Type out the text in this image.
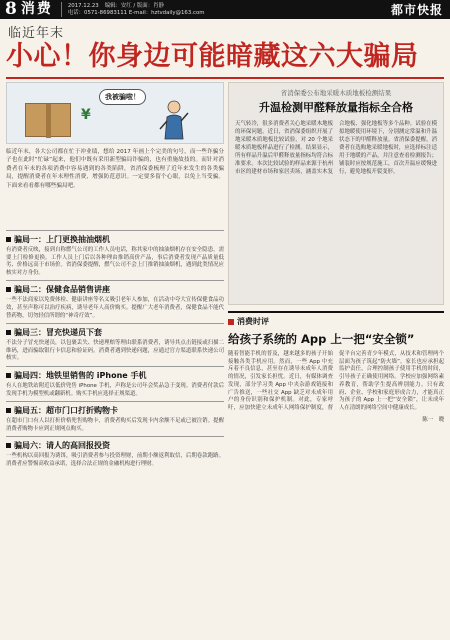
8 消费	2017.12.23 编辑：安红 / 版面：肖静
电话：0571-86983111 E-mail：hztvdaily@163.com	都市快报
临近年末
小心！你身边可能暗藏这六大骗局
¥
我被骗啦！

临近年末，各大公司都在忙于冲业绩，想给 2017 年画上个完美的句号，而一些诈骗分子也在此时“忙碌”起来，他们中既有采用新型骗局诈骗的，也有重施故技的。而针对消费者在年末的各项消费中容易遇到的各类陷阱，省消保委梳理了近年来发生的各类骗局，提醒消费者在年末理性消费，增强防范意识。一定要多留个心眼，以免上当受骗。下面来看看都有哪些骗局吧。

省消保委公布地采暖木质地板检测结果
升温检测甲醛释放量指标全合格
天气转冷，很多消费者关心地采暖木地板的环保问题。近日，省消保委组织开展了地采暖木质地板比较试验，对 20 个地采暖木质地板样品进行了检测。结果显示，所有样品升温后甲醛释放量指标均符合标准要求。本次比较试验的样品来源于杭州市区的建材市场和家居卖场，涵盖实木复合地板、强化地板等多个品种。试验在模拟地暖使用环境下，分别测定常温和升温状态下的甲醛释放量。省消保委提醒，消费者在选购地采暖地板时，应选择标注适用于地暖的产品，并注意查看检测报告；铺装时应按规范施工，首次升温应缓慢进行，避免地板开裂变形。
骗局一：上门更换抽油烟机

有消费者反映，接到自称燃气公司的工作人员电话，称其家中的抽油烟机存在安全隐患，需要上门检修更换。工作人员上门后以各种理由推销高价产品，事后消费者发现产品质量低劣、价格远高于市场价。省消保委提醒，燃气公司不会上门推销抽油烟机，遇到此类情况应核实对方身份。

骗局二：保健食品销售讲座

一些不法商家以免费体检、健康讲座等名义吸引老年人参加，在活动中夸大宣传保健食品功效，甚至声称可以治疗疾病，诱导老年人高价购买。提醒广大老年消费者，保健食品不能代替药物，切勿轻信所谓的“神奇疗效”。

骗局三：冒充快递员下套

不法分子冒充快递员，以包裹丢失、快递理赔等理由联系消费者，诱导其点击链接或扫描二维码，进而骗取银行卡信息和验证码。消费者遇到快递问题，应通过官方渠道联系快递公司核实。

骗局四：地铁里销售的 iPhone 手机

有人在地铁站附近以低价兜售 iPhone 手机，声称是公司年会奖品急于变现。消费者付款后发现手机为模型机或翻新机。购买手机应选择正规渠道。

骗局五：超市门口打折购物卡

在超市门口有人以打折价格兜售购物卡，消费者购买后发现卡内余额不足或已被注销。提醒消费者购物卡应到正规网点购买。

骗局六：请人的高回报投资

一些机构以高回报为诱饵，吸引消费者参与投资理财，前期小额返利取信，后期卷款跑路。消费者应警惕高收益承诺，选择合法正规的金融机构进行理财。

消费时评
给孩子系统的 App 上一把“安全锁”
随着智能手机的普及，越来越多的孩子开始接触各类手机应用。然而，一些 App 中充斥着不良信息，甚至存在诱导未成年人消费的情况，引发家长担忧。近日，有媒体调查发现，部分学习类 App 中夹杂游戏链接和广告推送，一些社交 App 缺乏对未成年用户的身份识别和保护机制。对此，专家呼吁，应加快建立未成年人网络保护制度，督促平台完善青少年模式，从技术和管理两个层面为孩子筑起“防火墙”。家长也应承担起监护责任，合理控制孩子使用手机的时间，引导孩子正确使用网络。学校应加强网络素养教育，帮助学生提高辨别能力。只有政府、企业、学校和家庭形成合力，才能真正为孩子的 App 上一把“安全锁”，让未成年人在清朗的网络空间中健康成长。
陈一　晓
